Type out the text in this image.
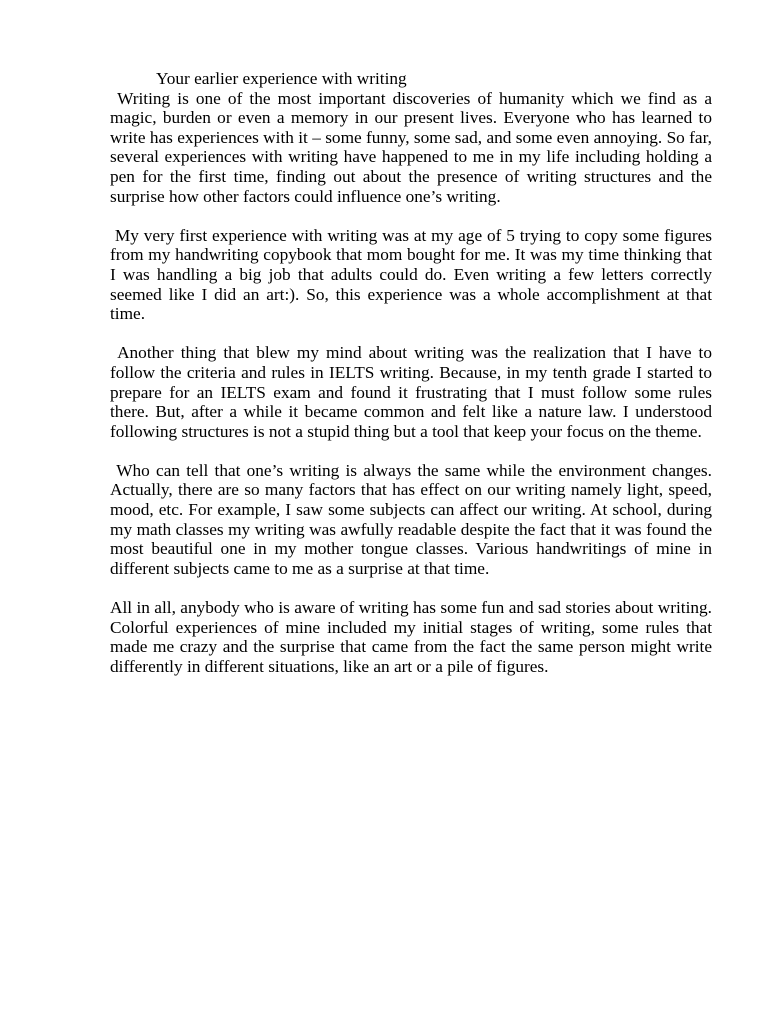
Your earlier experience with writing

Writing is one of the most important discoveries of humanity which we find as a magic, burden or even a memory in our present lives. Everyone who has learned to write has experiences with it – some funny, some sad, and some even annoying. So far, several experiences with writing have happened to me in my life including holding a pen for the first time, finding out about the presence of writing structures and the surprise how other factors could influence one’s writing.

My very first experience with writing was at my age of 5 trying to copy some figures from my handwriting copybook that mom bought for me. It was my time thinking that I was handling a big job that adults could do. Even writing a few letters correctly seemed like I did an art:). So, this experience was a whole accomplishment at that time.

Another thing that blew my mind about writing was the realization that I have to follow the criteria and rules in IELTS writing. Because, in my tenth grade I started to prepare for an IELTS exam and found it frustrating that I must follow some rules there. But, after a while it became common and felt like a nature law. I understood following structures is not a stupid thing but a tool that keep your focus on the theme.

Who can tell that one’s writing is always the same while the environment changes. Actually, there are so many factors that has effect on our writing namely light, speed, mood, etc. For example, I saw some subjects can affect our writing. At school, during my math classes my writing was awfully readable despite the fact that it was found the most beautiful one in my mother tongue classes. Various handwritings of mine in different subjects came to me as a surprise at that time.

All in all, anybody who is aware of writing has some fun and sad stories about writing. Colorful experiences of mine included my initial stages of writing, some rules that made me crazy and the surprise that came from the fact the same person might write differently in different situations, like an art or a pile of figures.
